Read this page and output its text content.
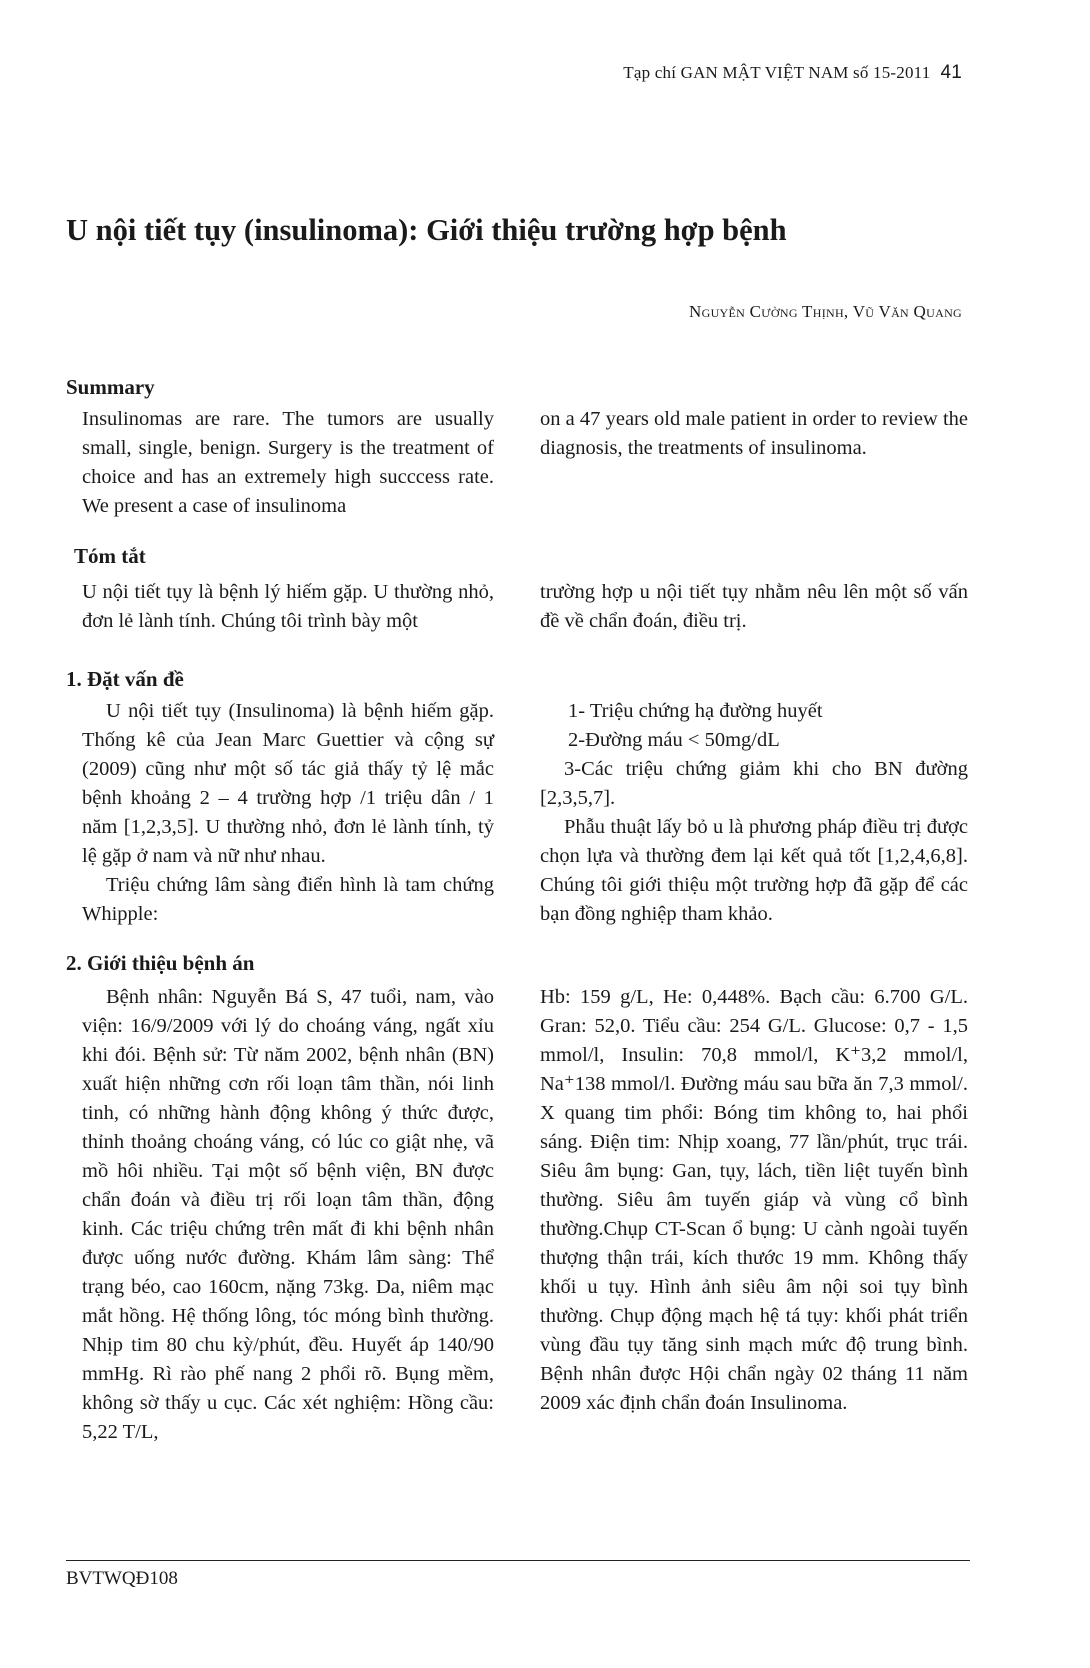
Tạp chí GAN MẬT VIỆT NAM số 15-2011 41
U nội tiết tụy (insulinoma): Giới thiệu trường hợp bệnh
Nguyễn Cường Thịnh, Vũ Văn Quang
Summary

Insulinomas are rare. The tumors are usually small, single, benign. Surgery is the treatment of choice and has an extremely high succcess rate. We present a case of insulinoma

on a 47 years old male patient in order to review the diagnosis, the treatments of insulinoma.

Tóm tắt

U nội tiết tụy là bệnh lý hiếm gặp. U thường nhỏ, đơn lẻ lành tính. Chúng tôi trình bày một

trường hợp u nội tiết tụy nhằm nêu lên một số vấn đề về chẩn đoán, điều trị.

1. Đặt vấn đề

U nội tiết tụy (Insulinoma) là bệnh hiếm gặp. Thống kê của Jean Marc Guettier và cộng sự (2009) cũng như một số tác giả thấy tỷ lệ mắc bệnh khoảng 2 – 4 trường hợp /1 triệu dân / 1 năm [1,2,3,5]. U thường nhỏ, đơn lẻ lành tính, tỷ lệ gặp ở nam và nữ như nhau.

Triệu chứng lâm sàng điển hình là tam chứng Whipple:

1- Triệu chứng hạ đường huyết

2-Đường máu < 50mg/dL

3-Các triệu chứng giảm khi cho BN đường [2,3,5,7].

Phẫu thuật lấy bỏ u là phương pháp điều trị được chọn lựa và thường đem lại kết quả tốt [1,2,4,6,8]. Chúng tôi giới thiệu một trường hợp đã gặp để các bạn đồng nghiệp tham khảo.

2. Giới thiệu bệnh án

Bệnh nhân: Nguyễn Bá S, 47 tuổi, nam, vào viện: 16/9/2009 với lý do choáng váng, ngất xỉu khi đói. Bệnh sử: Từ năm 2002, bệnh nhân (BN) xuất hiện những cơn rối loạn tâm thần, nói linh tinh, có những hành động không ý thức được, thỉnh thoảng choáng váng, có lúc co giật nhẹ, vã mồ hôi nhiều. Tại một số bệnh viện, BN được chẩn đoán và điều trị rối loạn tâm thần, động kinh. Các triệu chứng trên mất đi khi bệnh nhân được uống nước đường. Khám lâm sàng: Thể trạng béo, cao 160cm, nặng 73kg. Da, niêm mạc mắt hồng. Hệ thống lông, tóc móng bình thường. Nhịp tim 80 chu kỳ/phút, đều. Huyết áp 140/90 mmHg. Rì rào phế nang 2 phổi rõ. Bụng mềm, không sờ thấy u cục. Các xét nghiệm: Hồng cầu: 5,22 T/L,

Hb: 159 g/L, He: 0,448%. Bạch cầu: 6.700 G/L. Gran: 52,0. Tiểu cầu: 254 G/L. Glucose: 0,7 - 1,5 mmol/l, Insulin: 70,8 mmol/l, K⁺3,2 mmol/l, Na⁺138 mmol/l. Đường máu sau bữa ăn 7,3 mmol/. X quang tim phổi: Bóng tim không to, hai phổi sáng. Điện tim: Nhịp xoang, 77 lần/phút, trục trái. Siêu âm bụng: Gan, tụy, lách, tiền liệt tuyến bình thường. Siêu âm tuyến giáp và vùng cổ bình thường.Chụp CT-Scan ổ bụng: U cành ngoài tuyến thượng thận trái, kích thước 19 mm. Không thấy khối u tụy. Hình ảnh siêu âm nội soi tụy bình thường. Chụp động mạch hệ tá tụy: khối phát triển vùng đầu tụy tăng sinh mạch mức độ trung bình. Bệnh nhân được Hội chẩn ngày 02 tháng 11 năm 2009 xác định chẩn đoán Insulinoma.

BVTWQĐ108
